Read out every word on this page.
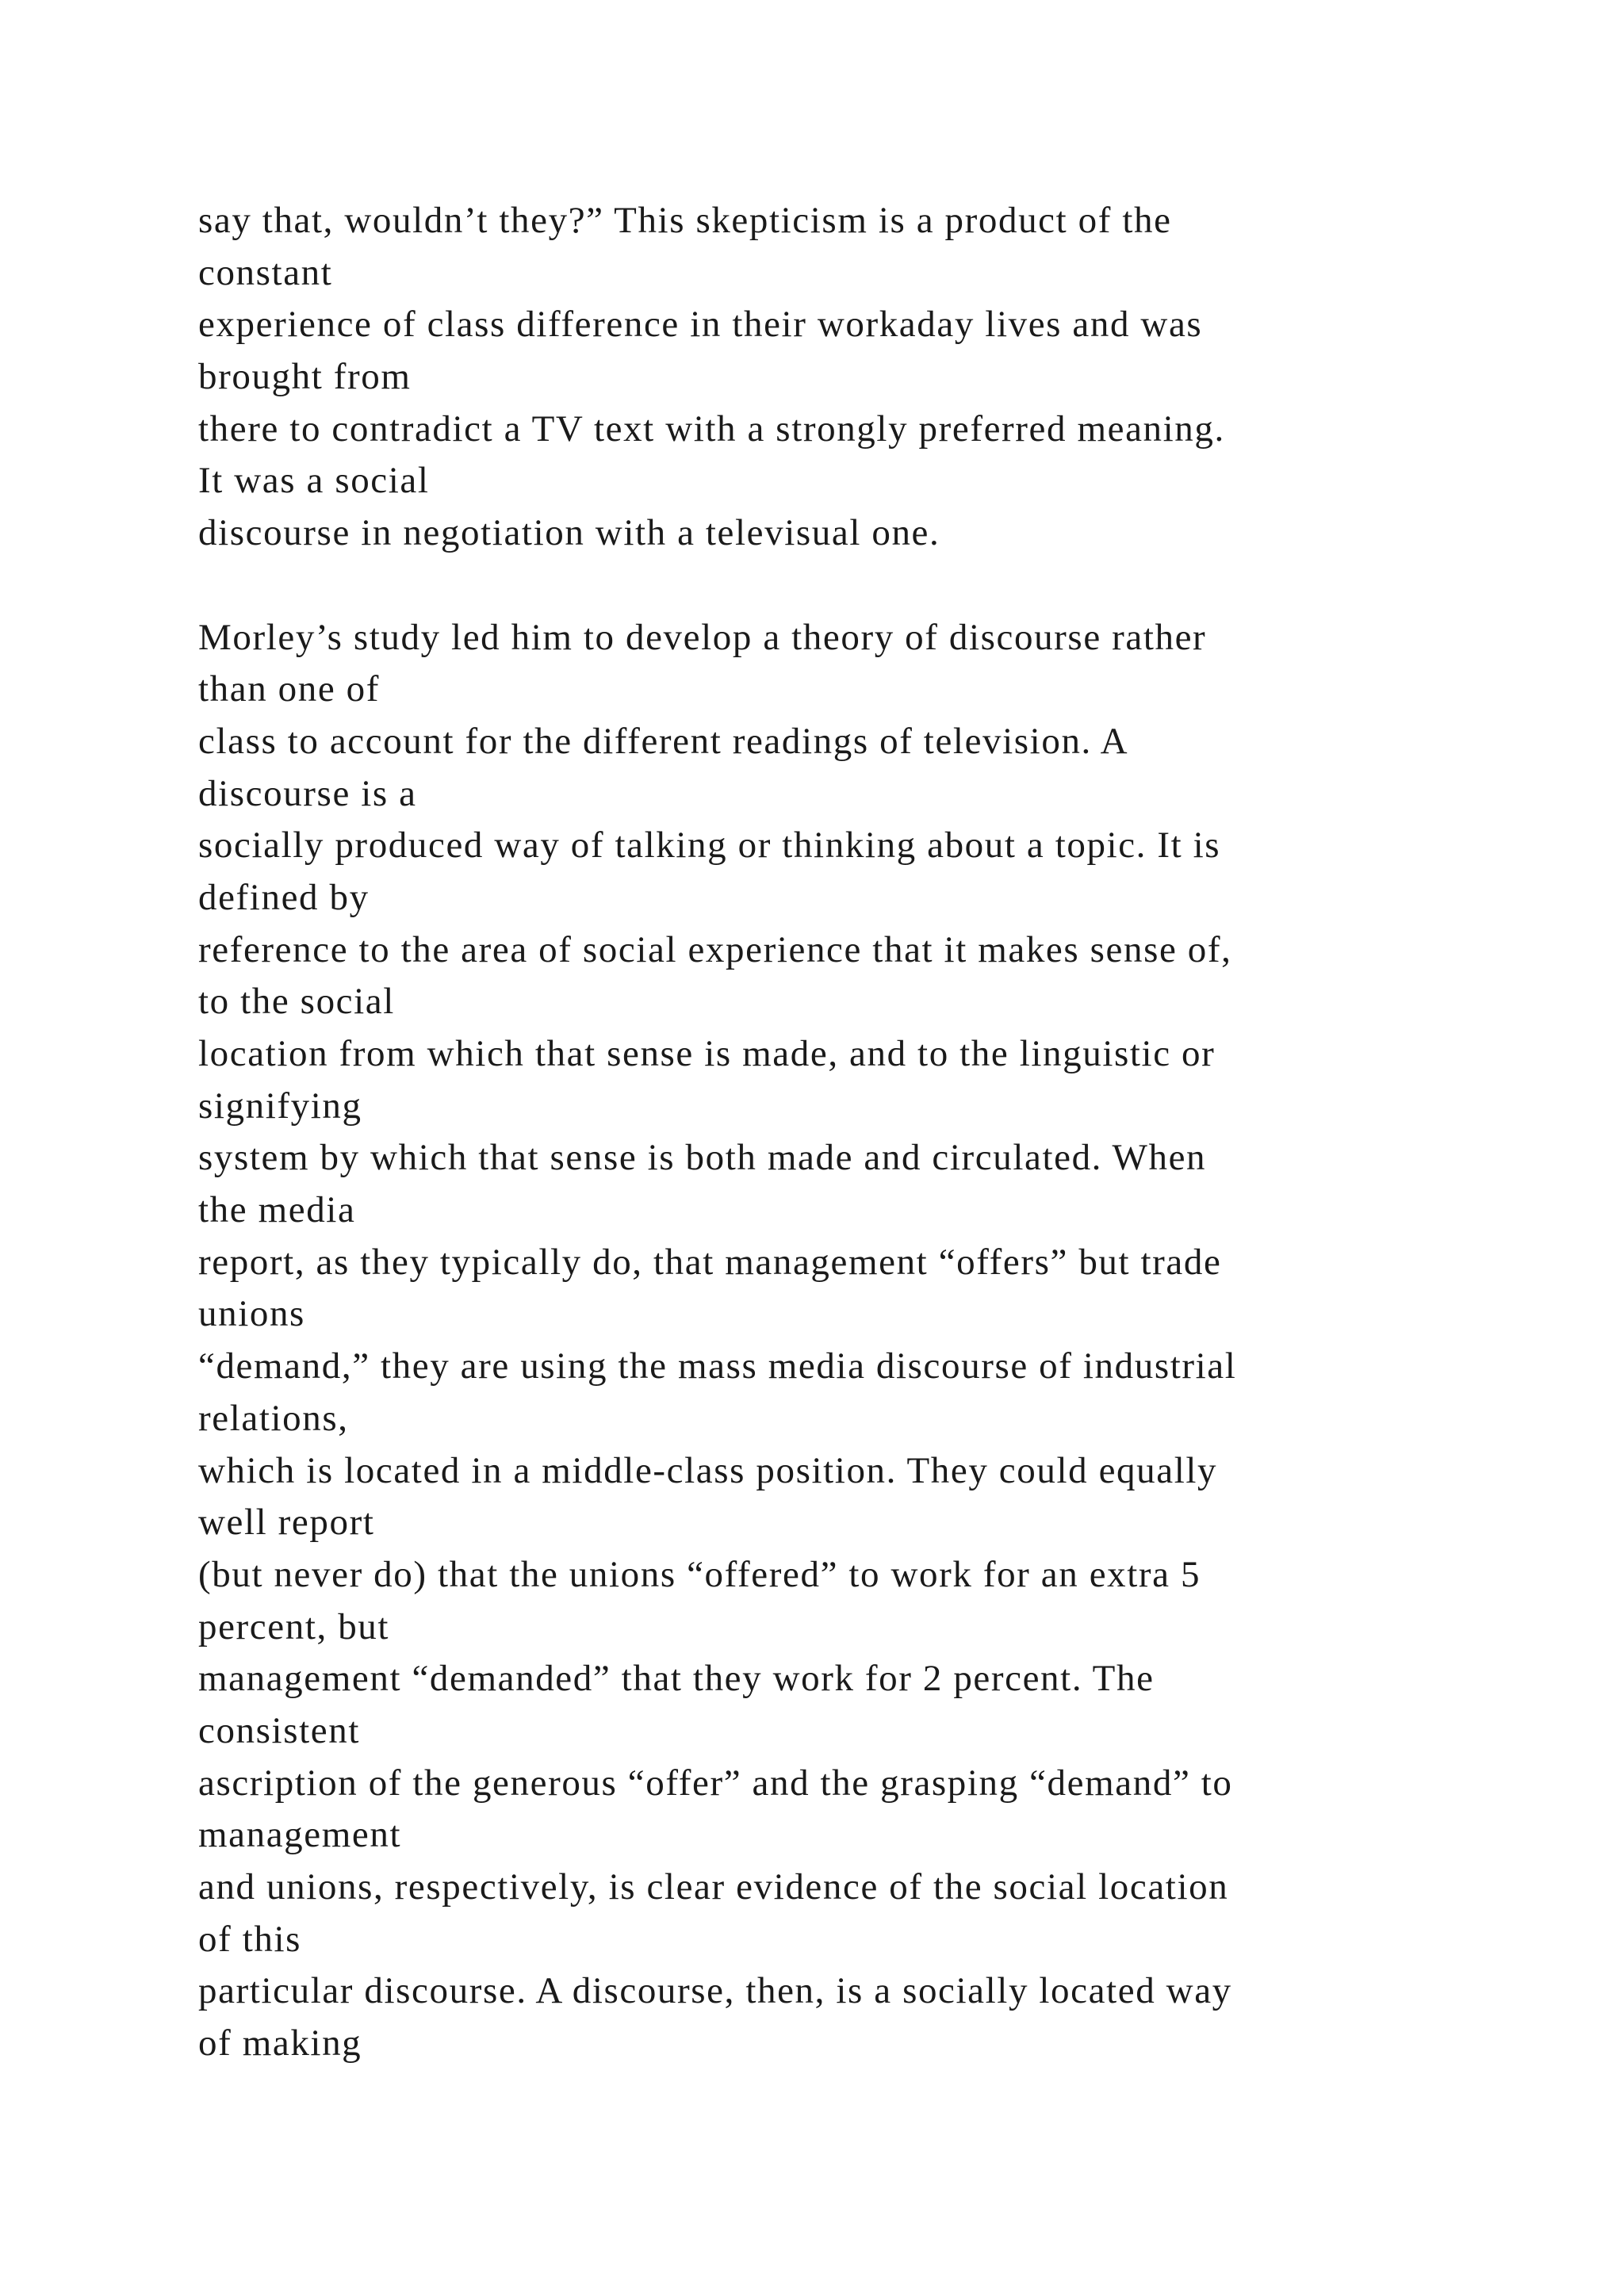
say that, wouldn’t they?” This skepticism is a product of the
constant
experience of class difference in their workaday lives and was
brought from
there to contradict a TV text with a strongly preferred meaning.
It was a social
discourse in negotiation with a televisual one.
Morley’s study led him to develop a theory of discourse rather
than one of
class to account for the different readings of television. A
discourse is a
socially produced way of talking or thinking about a topic. It is
defined by
reference to the area of social experience that it makes sense of,
to the social
location from which that sense is made, and to the linguistic or
signifying
system by which that sense is both made and circulated. When
the media
report, as they typically do, that management “offers” but trade
unions
“demand,” they are using the mass media discourse of industrial
relations,
which is located in a middle-class position. They could equally
well report
(but never do) that the unions “offered” to work for an extra 5
percent, but
management “demanded” that they work for 2 percent. The
consistent
ascription of the generous “offer” and the grasping “demand” to
management
and unions, respectively, is clear evidence of the social location
of this
particular discourse. A discourse, then, is a socially located way
of making
